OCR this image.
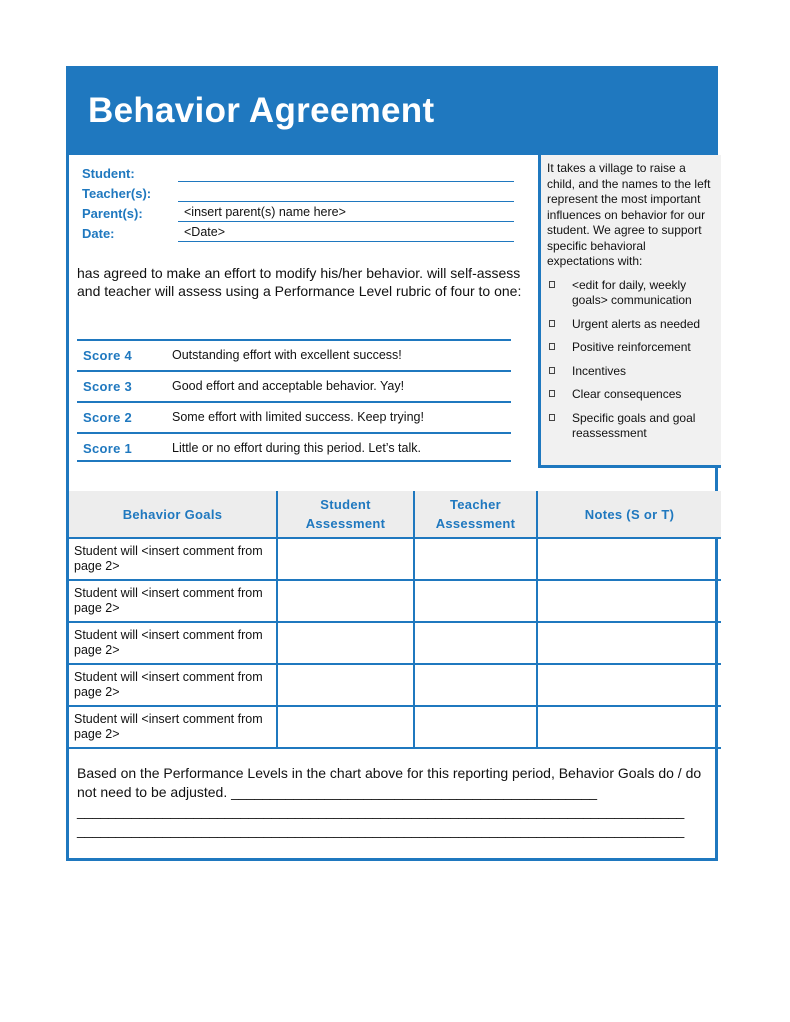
Behavior Agreement
Student:
Teacher(s):
Parent(s):	<insert parent(s) name here>
Date:	<Date>

has agreed to make an effort to modify his/her behavior. will self-assess and teacher will assess using a Performance Level rubric of four to one:

Score 4	Outstanding effort with excellent success!
Score 3	Good effort and acceptable behavior. Yay!
Score 2	Some effort with limited success. Keep trying!
Score 1	Little or no effort during this period. Let’s talk.

It takes a village to raise a child, and the names to the left represent the most important influences on behavior for our student. We agree to support specific behavioral expectations with:

<edit for daily, weekly goals> communication
Urgent alerts as needed
Positive reinforcement
Incentives
Clear consequences
Specific goals and goal reassessment
Behavior Goals	Student Assessment	Teacher Assessment	Notes (S or T)
Student will <insert comment from page 2>			
Student will <insert comment from page 2>			
Student will <insert comment from page 2>			
Student will <insert comment from page 2>			
Student will <insert comment from page 2>			

Based on the Performance Levels in the chart above for this reporting period, Behavior Goals do / do not need to be adjusted. _______________________________________________
______________________________________________________________________________
______________________________________________________________________________
